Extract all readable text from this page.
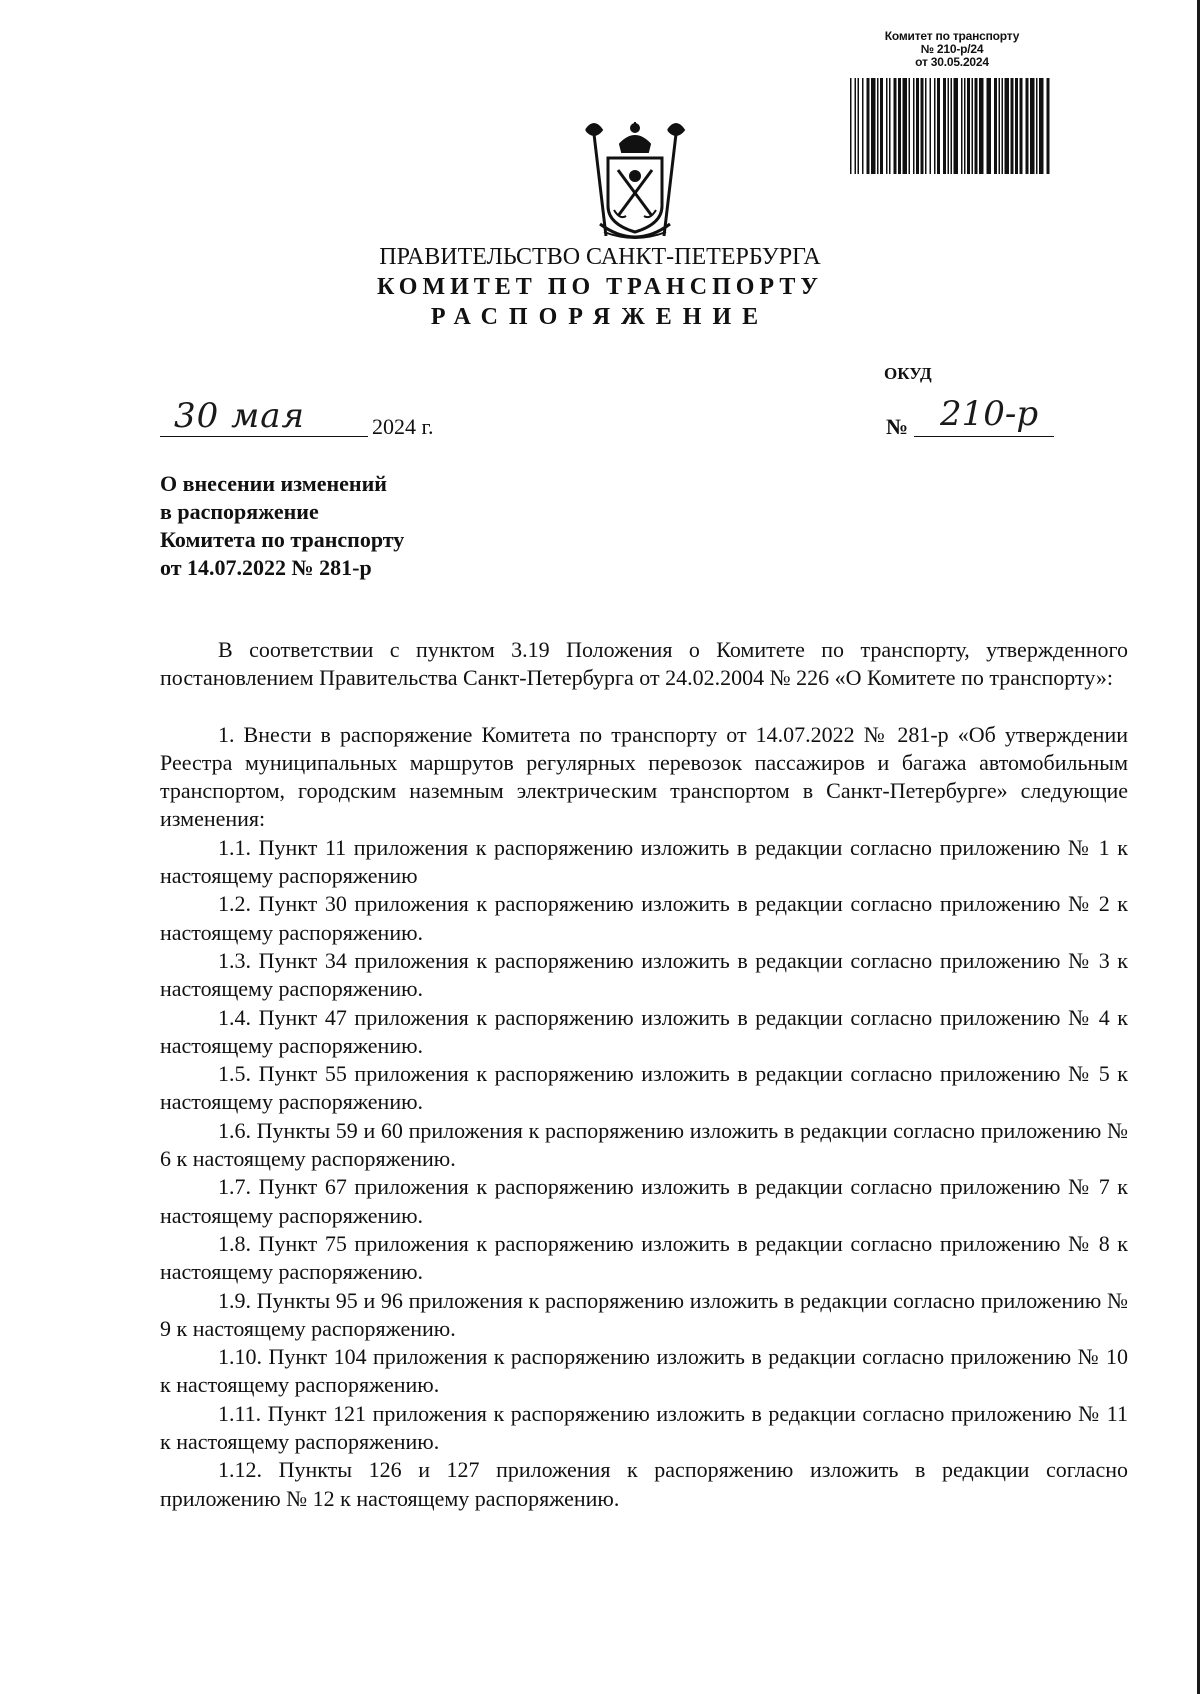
Комитет по транспорту
№ 210-р/24
от 30.05.2024
ПРАВИТЕЛЬСТВО САНКТ-ПЕТЕРБУРГА
КОМИТЕТ ПО ТРАНСПОРТУ
РАСПОРЯЖЕНИЕ
ОКУД
30 мая	2024 г.	№ 210-р
О внесении изменений
в распоряжение
Комитета по транспорту
от 14.07.2022 № 281-р

В соответствии с пунктом 3.19 Положения о Комитете по транспорту, утвержденного постановлением Правительства Санкт-Петербурга от 24.02.2004 № 226 «О Комитете по транспорту»:

1. Внести в распоряжение Комитета по транспорту от 14.07.2022 № 281-р «Об утверждении Реестра муниципальных маршрутов регулярных перевозок пассажиров и багажа автомобильным транспортом, городским наземным электрическим транспортом в Санкт-Петербурге» следующие изменения:

1.1. Пункт 11 приложения к распоряжению изложить в редакции согласно приложению № 1 к настоящему распоряжению

1.2. Пункт 30 приложения к распоряжению изложить в редакции согласно приложению № 2 к настоящему распоряжению.

1.3. Пункт 34 приложения к распоряжению изложить в редакции согласно приложению № 3 к настоящему распоряжению.

1.4. Пункт 47 приложения к распоряжению изложить в редакции согласно приложению № 4 к настоящему распоряжению.

1.5. Пункт 55 приложения к распоряжению изложить в редакции согласно приложению № 5 к настоящему распоряжению.

1.6. Пункты 59 и 60 приложения к распоряжению изложить в редакции согласно приложению № 6 к настоящему распоряжению.

1.7. Пункт 67 приложения к распоряжению изложить в редакции согласно приложению № 7 к настоящему распоряжению.

1.8. Пункт 75 приложения к распоряжению изложить в редакции согласно приложению № 8 к настоящему распоряжению.

1.9. Пункты 95 и 96 приложения к распоряжению изложить в редакции согласно приложению № 9 к настоящему распоряжению.

1.10. Пункт 104 приложения к распоряжению изложить в редакции согласно приложению № 10 к настоящему распоряжению.

1.11. Пункт 121 приложения к распоряжению изложить в редакции согласно приложению № 11 к настоящему распоряжению.

1.12. Пункты 126 и 127 приложения к распоряжению изложить в редакции согласно приложению № 12 к настоящему распоряжению.
